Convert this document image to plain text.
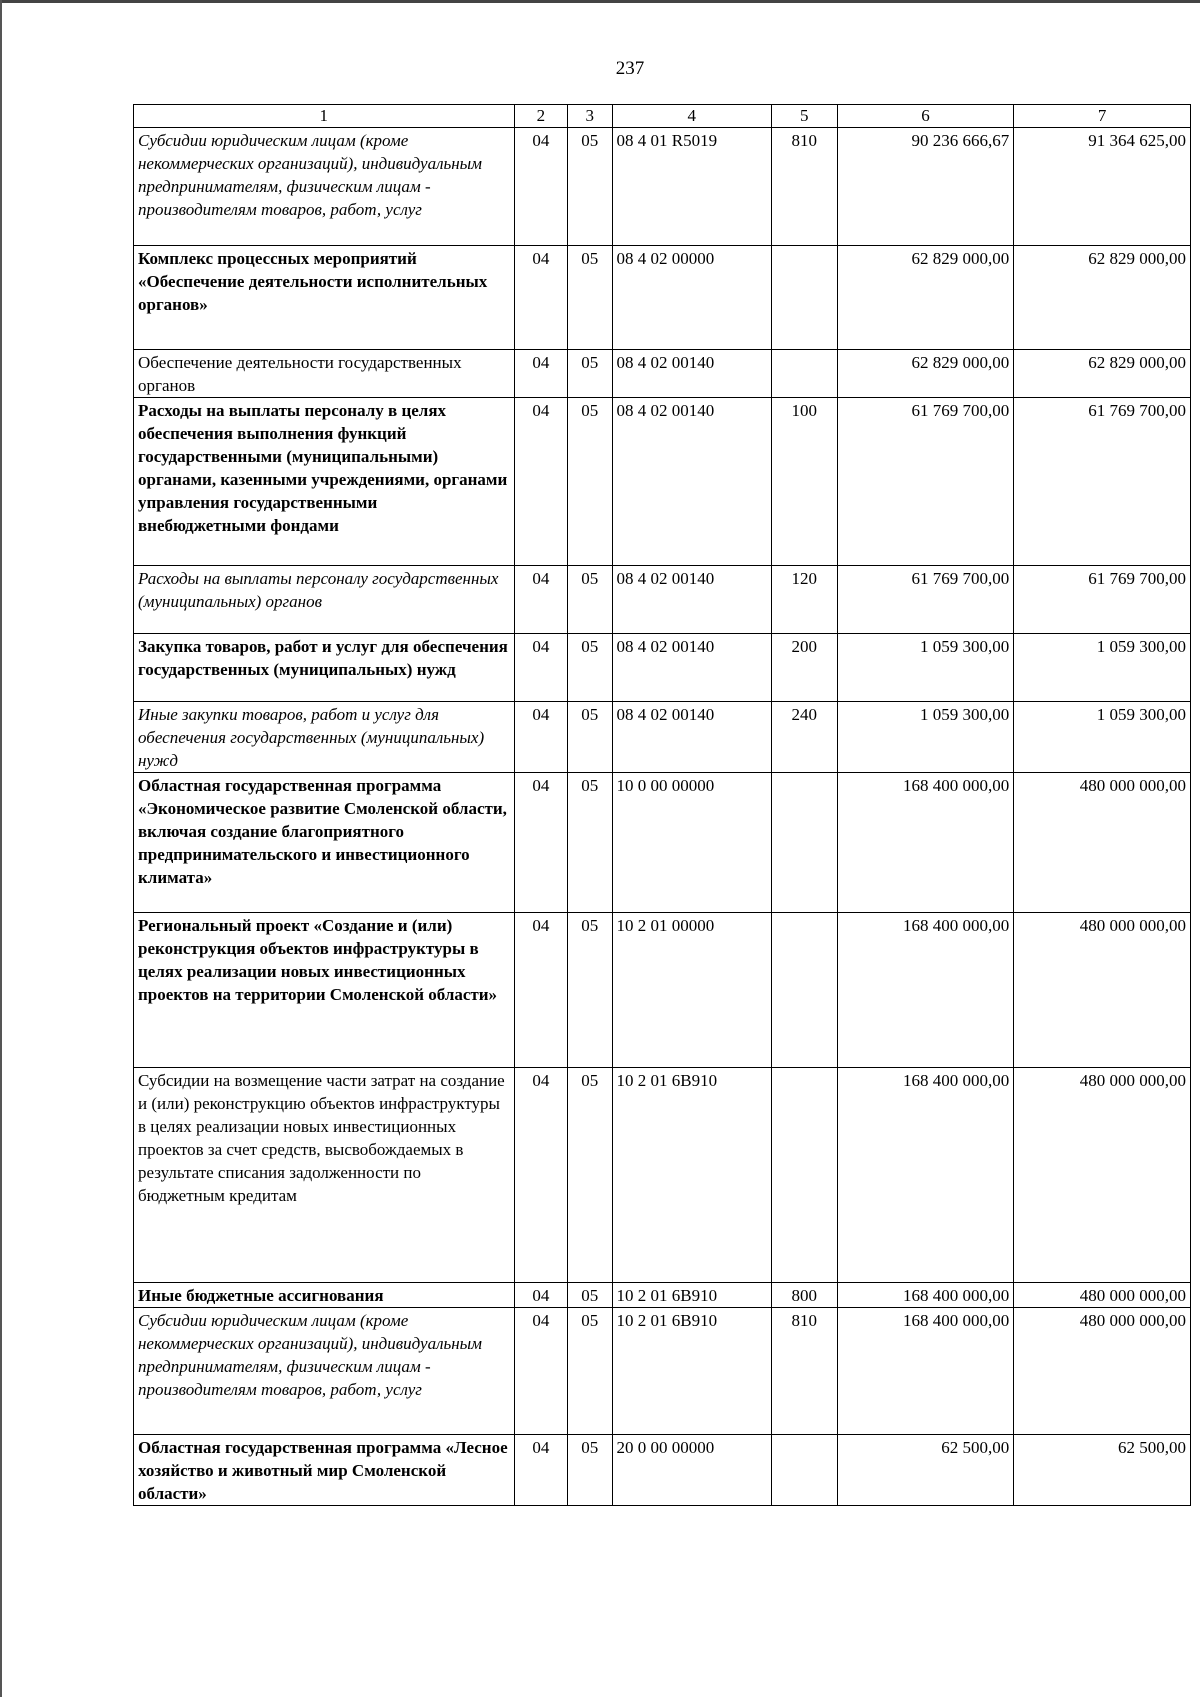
237
1	2	3	4	5	6	7
Субсидии юридическим лицам (кроме некоммерческих организаций), индивидуальным предпринимателям, физическим лицам - производителям товаров, работ, услуг	04	05	08 4 01 R5019	810	90 236 666,67	91 364 625,00
Комплекс процессных мероприятий «Обеспечение деятельности исполнительных органов»	04	05	08 4 02 00000		62 829 000,00	62 829 000,00
Обеспечение деятельности государственных органов	04	05	08 4 02 00140		62 829 000,00	62 829 000,00
Расходы на выплаты персоналу в целях обеспечения выполнения функций государственными (муниципальными) органами, казенными учреждениями, органами управления государственными внебюджетными фондами	04	05	08 4 02 00140	100	61 769 700,00	61 769 700,00
Расходы на выплаты персоналу государственных (муниципальных) органов	04	05	08 4 02 00140	120	61 769 700,00	61 769 700,00
Закупка товаров, работ и услуг для обеспечения государственных (муниципальных) нужд	04	05	08 4 02 00140	200	1 059 300,00	1 059 300,00
Иные закупки товаров, работ и услуг для обеспечения государственных (муниципальных) нужд	04	05	08 4 02 00140	240	1 059 300,00	1 059 300,00
Областная государственная программа «Экономическое развитие Смоленской области, включая создание благоприятного предпринимательского и инвестиционного климата»	04	05	10 0 00 00000		168 400 000,00	480 000 000,00
Региональный проект «Создание и (или) реконструкция объектов инфраструктуры в целях реализации новых инвестиционных проектов на территории Смоленской области»	04	05	10 2 01 00000		168 400 000,00	480 000 000,00
Субсидии на возмещение части затрат на создание и (или) реконструкцию объектов инфраструктуры в целях реализации новых инвестиционных проектов за счет средств, высвобождаемых в результате списания задолженности по бюджетным кредитам	04	05	10 2 01 6B910		168 400 000,00	480 000 000,00
Иные бюджетные ассигнования	04	05	10 2 01 6B910	800	168 400 000,00	480 000 000,00
Субсидии юридическим лицам (кроме некоммерческих организаций), индивидуальным предпринимателям, физическим лицам - производителям товаров, работ, услуг	04	05	10 2 01 6B910	810	168 400 000,00	480 000 000,00
Областная государственная программа «Лесное хозяйство и животный мир Смоленской области»	04	05	20 0 00 00000		62 500,00	62 500,00
